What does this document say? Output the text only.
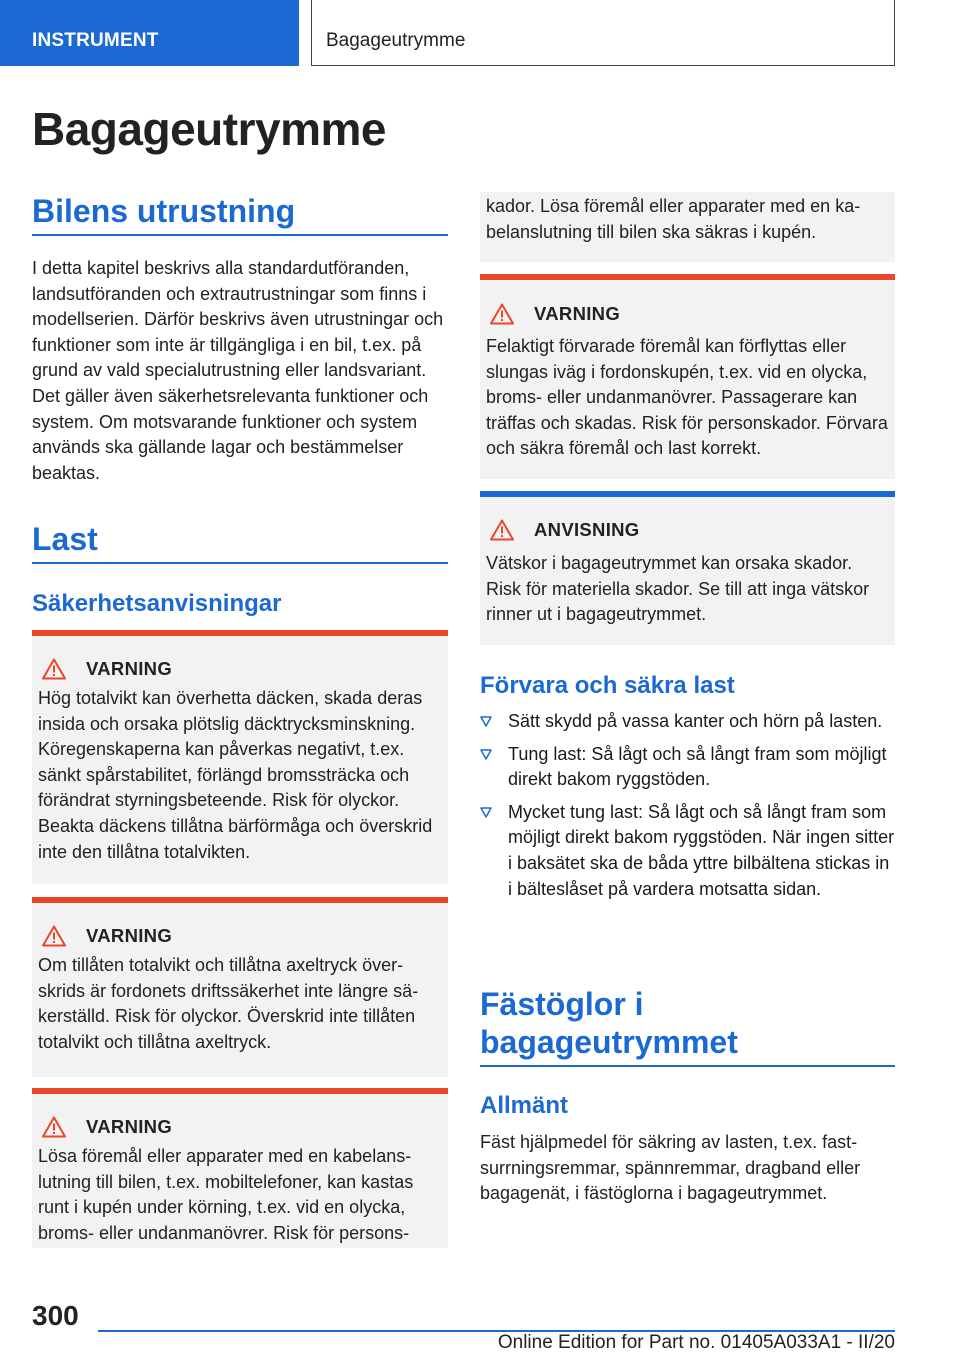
INSTRUMENT	Bagageutrymme
Bagageutrymme
Bilens utrustning
I detta kapitel beskrivs alla standardutföranden, landsutföranden och extrautrustningar som finns i modellserien. Därför beskrivs även utrustningar och funktioner som inte är tillgängliga i en bil, t.ex. på grund av vald specialutrustning eller landsvariant. Det gäller även säkerhetsrelevanta funktioner och system. Om motsvarande funktioner och system används ska gällande lagar och bestämmelser beaktas.
Last
Säkerhetsanvisningar
VARNING
Hög totalvikt kan överhetta däcken, skada deras insida och orsaka plötslig däcktrycksminskning. Köregenskaperna kan påverkas negativt, t.ex. sänkt spårstabilitet, förlängd bromssträcka och förändrat styrningsbeteende. Risk för olyckor. Beakta däckens tillåtna bärförmåga och överskrid inte den tillåtna totalvikten.
VARNING
Om tillåten totalvikt och tillåtna axeltryck överskrids är fordonets driftssäkerhet inte längre säkerställd. Risk för olyckor. Överskrid inte tillåten totalvikt och tillåtna axeltryck.
VARNING
Lösa föremål eller apparater med en kabelanslutning till bilen, t.ex. mobiltelefoner, kan kastas runt i kupén under körning, t.ex. vid en olycka, broms- eller undanmanövrer. Risk för persons-
kador. Lösa föremål eller apparater med en kabelanslutning till bilen ska säkras i kupén.
VARNING
Felaktigt förvarade föremål kan förflyttas eller slungas iväg i fordonskupén, t.ex. vid en olycka, broms- eller undanmanövrer. Passagerare kan träffas och skadas. Risk för personskador. Förvara och säkra föremål och last korrekt.
ANVISNING
Vätskor i bagageutrymmet kan orsaka skador. Risk för materiella skador. Se till att inga vätskor rinner ut i bagageutrymmet.
Förvara och säkra last
Sätt skydd på vassa kanter och hörn på lasten.
Tung last: Så lågt och så långt fram som möjligt direkt bakom ryggstöden.
Mycket tung last: Så lågt och så långt fram som möjligt direkt bakom ryggstöden. När ingen sitter i baksätet ska de båda yttre bilbältena stickas in i bälteslåset på vardera motsatta sidan.
Fästöglor i
bagageutrymmet
Allmänt
Fäst hjälpmedel för säkring av lasten, t.ex. fastsurrningsremmar, spännremmar, dragband eller bagagenät, i fästöglorna i bagageutrymmet.
300
Online Edition for Part no. 01405A033A1 - II/20
